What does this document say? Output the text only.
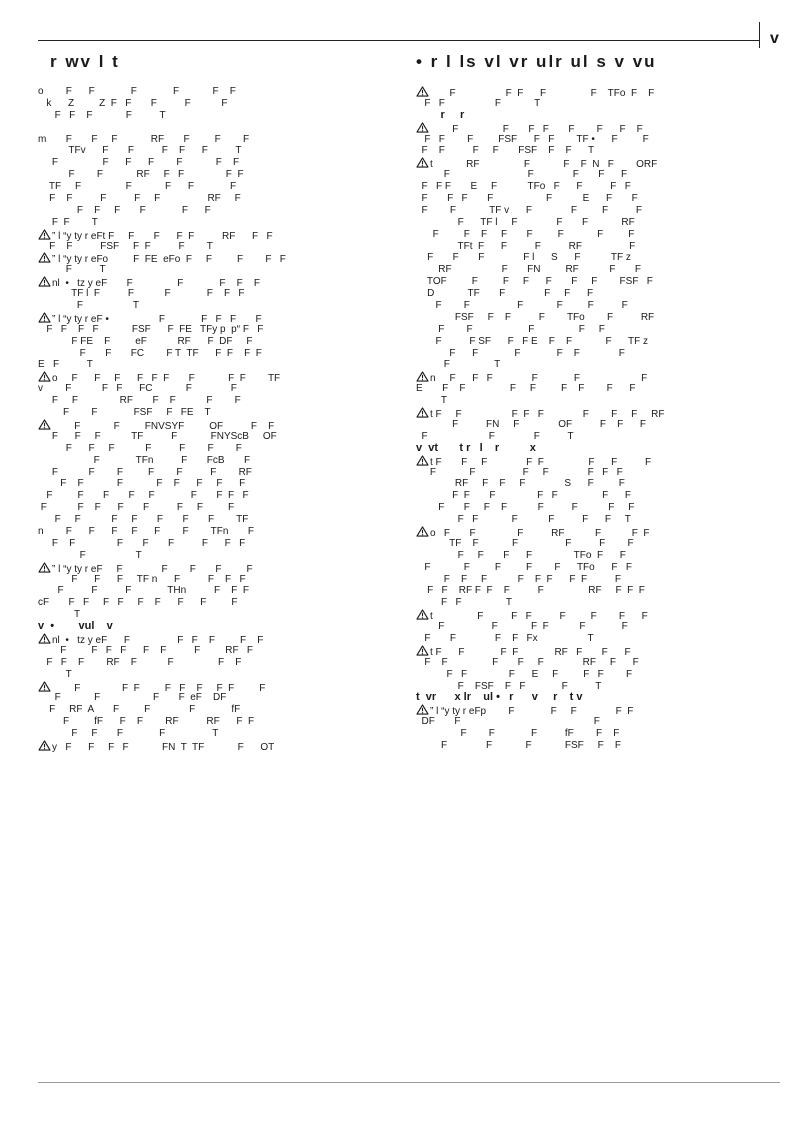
v
r wv l t	• r l ls vl vr ulr ul s v vu
o        F      F             F             F            F    F
k      Z         Z  F   F       F          F           F
F   F    F            F          T

m       F       F     F            RF       F         F        F
TFv      F       F          F    F      F          T
F                F      F      F        F            F    F
F        F            RF     F   F               F  F
TF     F                F            F      F             F
F    F          F          F     F                 RF     F
F    F     F       F             F      F
F  F        T
” l “y ty r eFt F     F       F      F  F          RF      F   F
F    F          FSF     F  F          F        T
” l “y ty r eFo         F  FE  eFo  F     F         F        F   F
F          T
nl  •   tz y eF       F                F             F    F    F
TF l  F          F           F             F    F   F
F                  T
” l “y ty r eF •                  F             F   F   F       F
F   F    F   F            FSF      F  FE   TFy p  p“ F   F
F FE    F         eF           RF      F  DF     F
F       F       FC        F T  TF      F  F    F  F
E   F          T
o     F      F     F      F   F  F       F            F  F        TF
v        F           F   F      FC            F              F
F     F               RF       F    F           F        F
F        F             FSF     F   FE    T
F            F         FNVSYF         OF          F    F
F      F     F           TF          F            FNYScB     OF
F      F     F           F          F        F        F
F             TFn          F       FcB       F
F           F        F         F        F          F        RF
F    F            F            F    F      F     F      F
F         F       F       F     F             F       F  F   F
F           F    F      F       F          F     F         F
F     F           F     F       F       F       F        TF
n        F      F      F     F      F        F        TFn       F
F    F               F       F       F          F      F   F
F                  T
” l “y ty r eF     F              F        F       F         F
F      F      F     TF n      F          F    F   F
F          F          F             THn          F    F  F
cF       F   F     F   F     F    F      F      F         F
T
v  •        vul    v
nl  •   tz y eF      F                 F   F    F         F    F
F         F   F   F      F    F          F         RF   F
F   F    F        RF    F           F                F    F
T
F               F  F         F   F    F     F  F         F
F            F                   F       F  eF    DF
F     RF  A       F         F              F             fF
F         fF      F    F        RF          RF      F  F
F     F       F             F                 T
y   F      F     F   F            FN  T  TF            F      OT
F                  F  F      F                F    TFo  F    F
F   F                  F            T
r     r
F                F       F   F       F        F      F    F
F   F        F         FSF      F   F        TF •      F         F
F    F          F     F       FSF    F    F      T
t            RF                F            F    F  N   F        ORF
F                            F              F       F      F
F   F F       E     F           TFo   F      F          F   F
F       F   F       F                   F           E      F       F
F        F            TF v      F              F         F          F
F      TF l     F              F       F            RF
F         F    F     F       F         F            F         F
TFt  F      F          F          RF                 F
F       F       F              F l      S      F           TF z
RF                  F       FN         RF           F       F
TOF         F         F     F      F       F     F        FSF   F
D            TF       F              F     F      F
F        F                 F            F         F          F
FSF     F    F          F        TFo        F          RF
F        F                    F                F     F
F          F SF      F   F E    F    F            F      TF z
F      F             F             F    F              F
F                T
n     F      F   F              F             F                      F
E       F    F                F     F         F    F        F      F
T
t F     F                  F  F   F              F        F     F     RF
F          FN     F              OF          F    F      F
F                      F              F          T
v  vt       t r   l    r          x
t F       F     F              F  F                F      F          F
F            F                 F     F              F   F   F
RF     F    F     F              S      F         F
F  F       F               F   F                F      F
F       F     F    F           F          F           F     F
F   F            F           F          F      F     T
o   F       F               F          RF           F           F  F
TF    F            F                 F          F        F
F     F       F      F               TFo  F      F
F            F         F         F        F      TFo      F   F
F    F     F           F    F  F      F  F          F
F   F    RF F  F    F          F                RF     F  F  F
F   F                T
t                F          F   F          F         F        F      F
F                 F            F  F           F             F
F       F              F    F   Fx                  T
t F      F             F  F             RF   F       F      F
F    F                F       F     F              RF     F      F
F   F               F      E     F         F   F        F
F    FSF    F   F             F          T
t  vr      x lr    ul •   r      v     r    t v
” l “y ty r eFp        F             F     F              F  F
DF       F                                                F
F        F             F          fF        F    F
F              F            F            FSF     F    F
